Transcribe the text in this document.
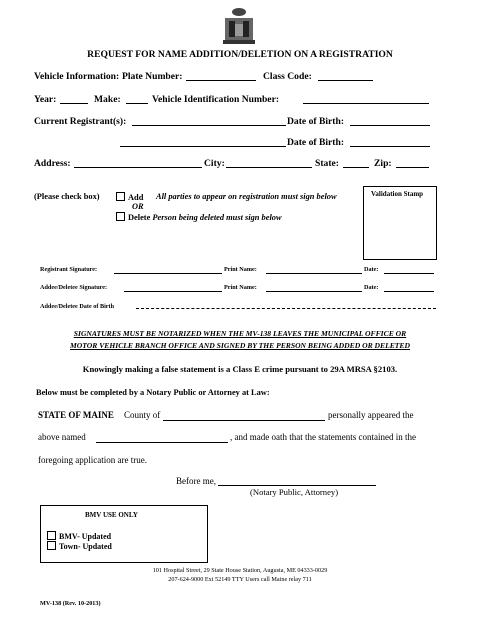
REQUEST FOR NAME ADDITION/DELETION ON A REGISTRATION
Vehicle Information: Plate Number:	Class Code:
Year:	Make:	Vehicle Identification Number:
Current Registrant(s):	Date of Birth:
Date of Birth:
Address:	City:	State:	Zip:
(Please check box)	Add All parties to appear on registration must sign below
OR
Delete Person being deleted must sign below
Validation Stamp
Registrant Signature:	Print Name:	Date:
Addee/Deletee Signature:	Print Name:	Date:
Addee/Deletee Date of Birth
SIGNATURES MUST BE NOTARIZED WHEN THE MV-138 LEAVES THE MUNICIPAL OFFICE OR
MOTOR VEHICLE BRANCH OFFICE AND SIGNED BY THE PERSON BEING ADDED OR DELETED
Knowingly making a false statement is a Class E crime pursuant to 29A MRSA §2103.
Below must be completed by a Notary Public or Attorney at Law:
STATE OF MAINE County of	personally appeared the
above named	, and made oath that the statements contained in the
foregoing application are true.
Before me,
(Notary Public, Attorney)
BMV USE ONLY
BMV- Updated
Town- Updated
101 Hospital Street, 29 State House Station, Augusta, ME 04333-0029
207-624-9000 Ext 52149 TTY Users call Maine relay 711
MV-138 (Rev. 10-2013)
